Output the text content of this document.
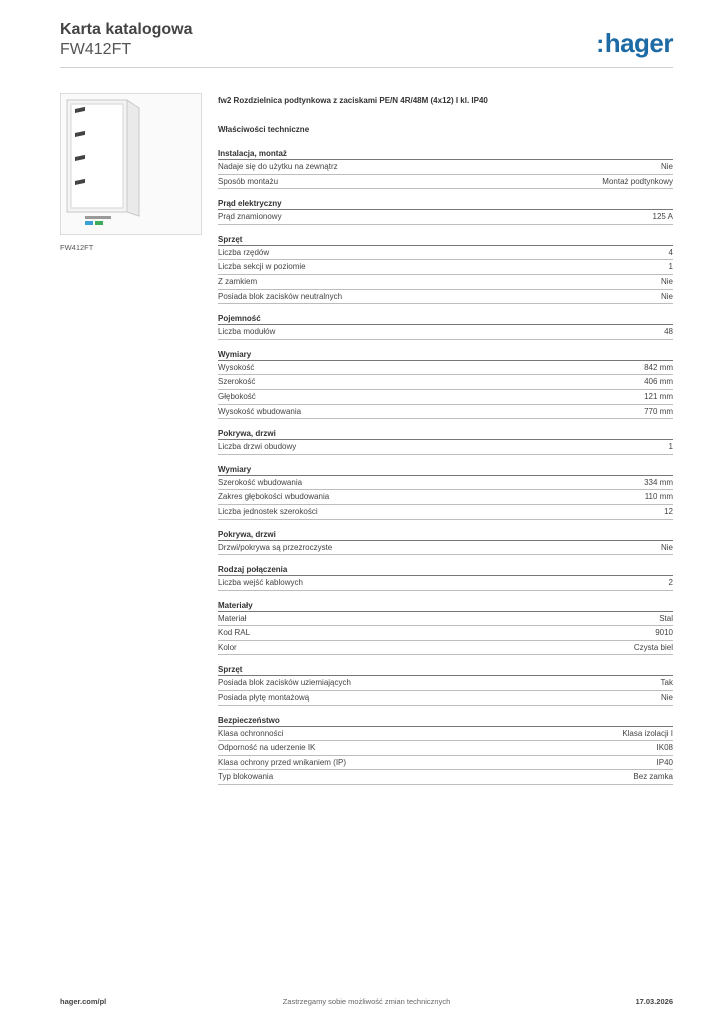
Karta katalogowa
FW412FT	:hager
FW412FT
fw2 Rozdzielnica podtynkowa z zaciskami PE/N 4R/48M (4x12) I kl. IP40
Właściwości techniczne
Instalacja, montaż
Nadaje się do użytku na zewnątrz	Nie
Sposób montażu	Montaż podtynkowy
Prąd elektryczny
Prąd znamionowy	125 A
Sprzęt
Liczba rzędów	4
Liczba sekcji w poziomie	1
Z zamkiem	Nie
Posiada blok zacisków neutralnych	Nie
Pojemność
Liczba modułów	48
Wymiary
Wysokość	842 mm
Szerokość	406 mm
Głębokość	121 mm
Wysokość wbudowania	770 mm
Pokrywa, drzwi
Liczba drzwi obudowy	1
Wymiary
Szerokość wbudowania	334 mm
Zakres głębokości wbudowania	110 mm
Liczba jednostek szerokości	12
Pokrywa, drzwi
Drzwi/pokrywa są przezroczyste	Nie
Rodzaj połączenia
Liczba wejść kablowych	2
Materiały
Materiał	Stal
Kod RAL	9010
Kolor	Czysta biel
Sprzęt
Posiada blok zacisków uziemiających	Tak
Posiada płytę montażową	Nie
Bezpieczeństwo
Klasa ochronności	Klasa izolacji I
Odporność na uderzenie IK	IK08
Klasa ochrony przed wnikaniem (IP)	IP40
Typ blokowania	Bez zamka
hager.com/pl	Zastrzegamy sobie możliwość zmian technicznych	17.03.2026
